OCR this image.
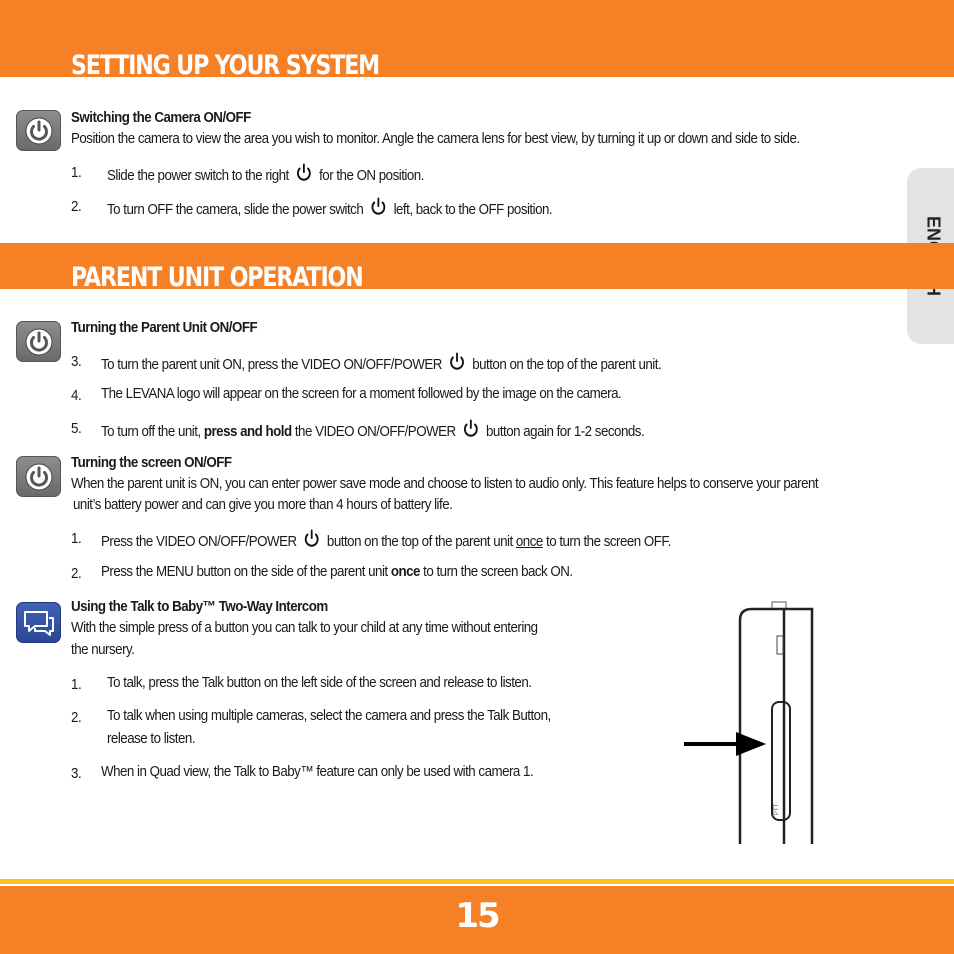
SETTING UP YOUR SYSTEM
Switching the Camera ON/OFF
Position the camera to view the area you wish to monitor. Angle the camera lens for best view, by turning it up or down and side to side.
1. Slide the power switch to the right for the ON position.
2. To turn OFF the camera, slide the power switch left, back to the OFF position.
PARENT UNIT OPERATION
Turning the Parent Unit ON/OFF
3. To turn the parent unit ON, press the VIDEO ON/OFF/POWER button on the top of the parent unit.
4. The LEVANA logo will appear on the screen for a moment followed by the image on the camera.
5. To turn off the unit, press and hold the VIDEO ON/OFF/POWER button again for 1-2 seconds.
Turning the screen ON/OFF
When the parent unit is ON, you can enter power save mode and choose to listen to audio only. This feature helps to conserve your parent
unit’s battery power and can give you more than 4 hours of battery life.
1. Press the VIDEO ON/OFF/POWER button on the top of the parent unit once to turn the screen OFF.
2. Press the MENU button on the side of the parent unit once to turn the screen back ON.
Using the Talk to Baby™ Two-Way Intercom
With the simple press of a button you can talk to your child at any time without entering
the nursery.
1. To talk, press the Talk button on the left side of the screen and release to listen.
2. To talk when using multiple cameras, select the camera and press the Talk Button,
release to listen.
3. When in Quad view, the Talk to Baby™ feature can only be used with camera 1.
PTT
15
